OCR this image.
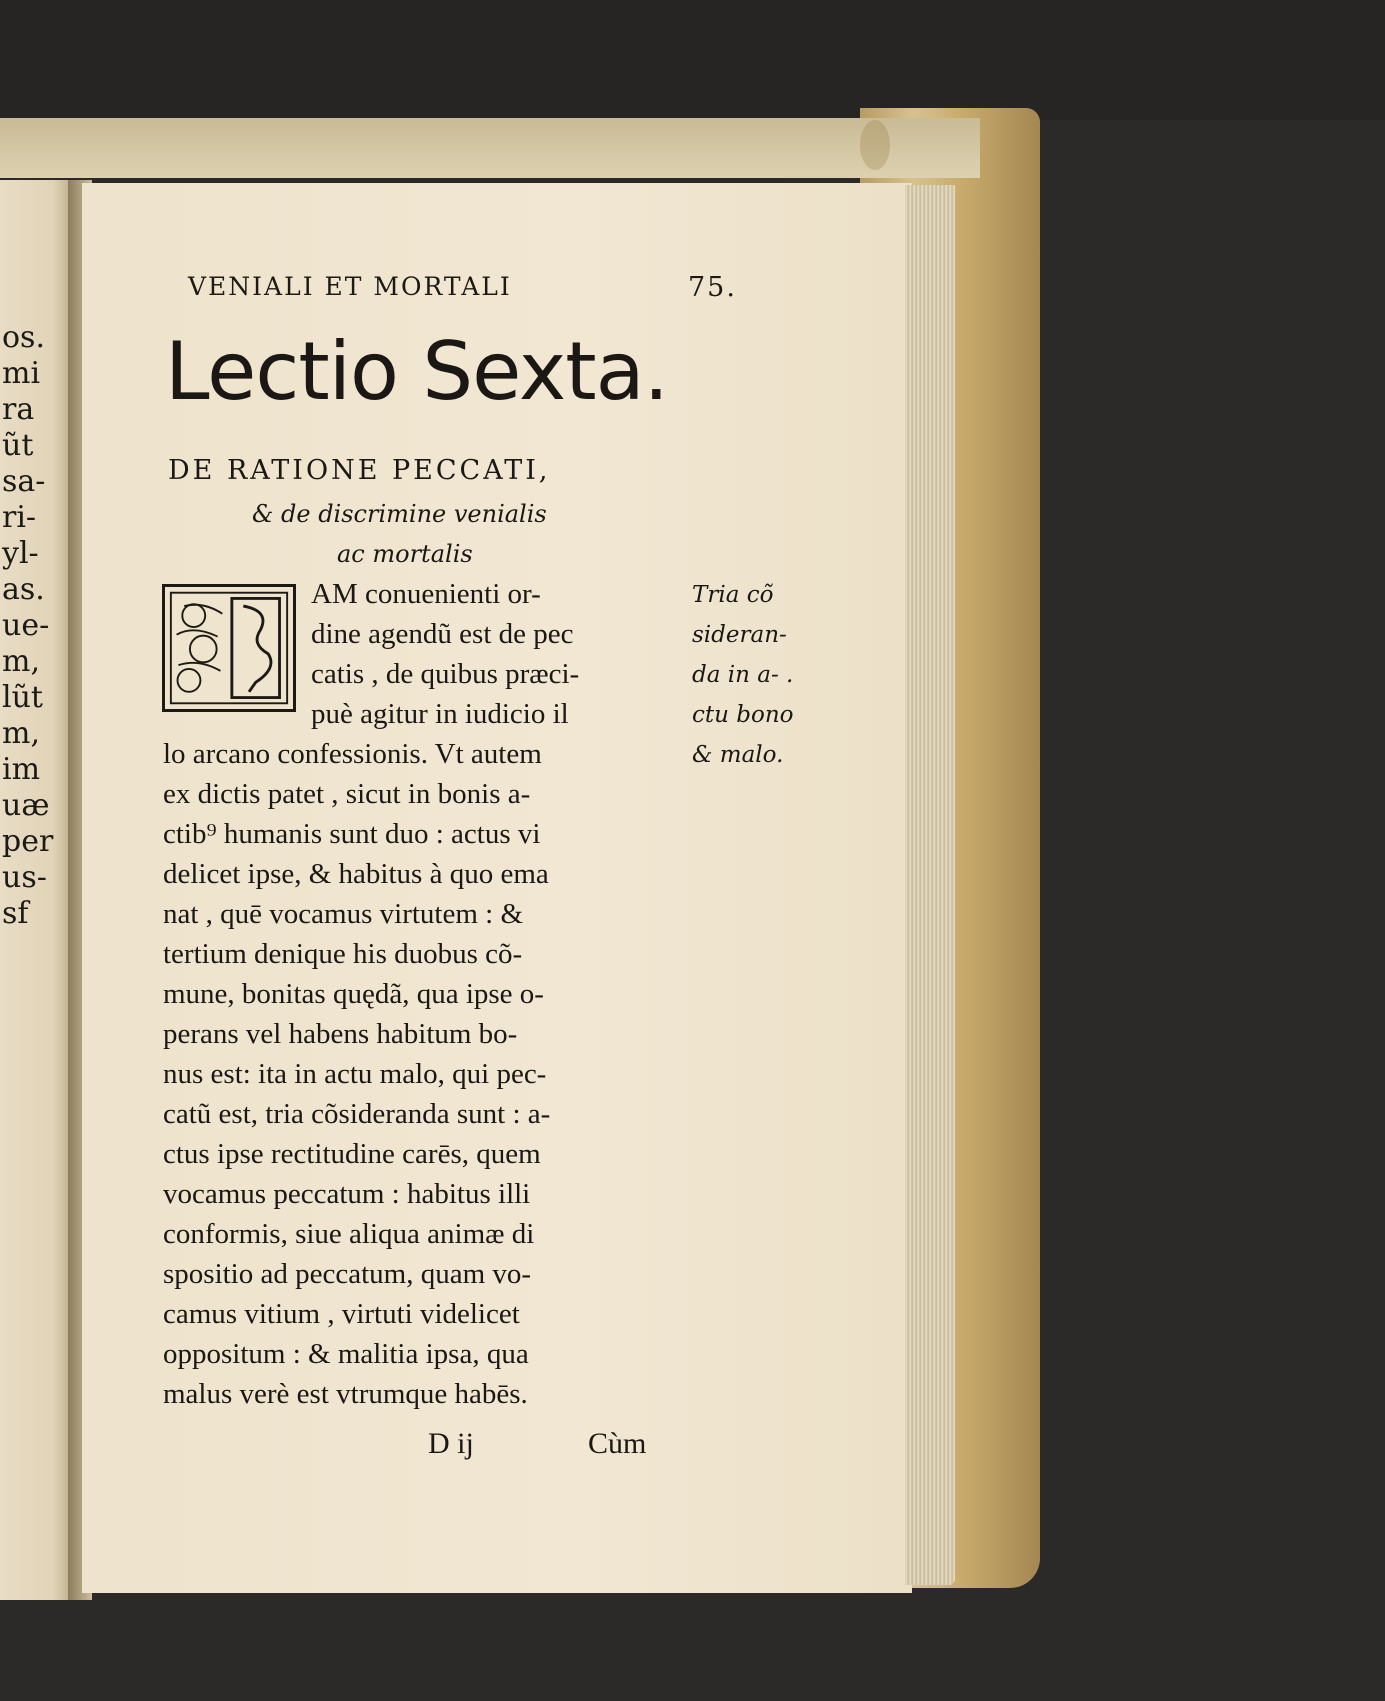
os.
mi
ra
ũt
sa-
ri-
yl-
as.
ue-
m,
lũt
m,
im
uæ
per
us-
sf
VENIALI ET MORTALI	75.
Lectio Sexta.
DE RATIONE PECCATI,
& de discrimine venialis
ac mortalis
AM conuenienti or-
dine agendũ est de pec
catis , de quibus præci-
puè agitur in iudicio il
lo arcano confessionis. Vt autem
ex dictis patet , sicut in bonis a-
ctib⁹ humanis sunt duo : actus vi
delicet ipse, & habitus à quo ema
nat , quē vocamus virtutem : &
tertium denique his duobus cõ-
mune, bonitas quędã, qua ipse o-
perans vel habens habitum bo-
nus est: ita in actu malo, qui pec-
catũ est, tria cõsideranda sunt : a-
ctus ipse rectitudine carēs, quem
vocamus peccatum : habitus illi
conformis, siue aliqua animæ di
spositio ad peccatum, quam vo-
camus vitium , virtuti videlicet
oppositum : & malitia ipsa, qua
malus verè est vtrumque habēs.
Tria cõ
sideran-
da in a- .
ctu bono
& malo.
D ij	Cùm
